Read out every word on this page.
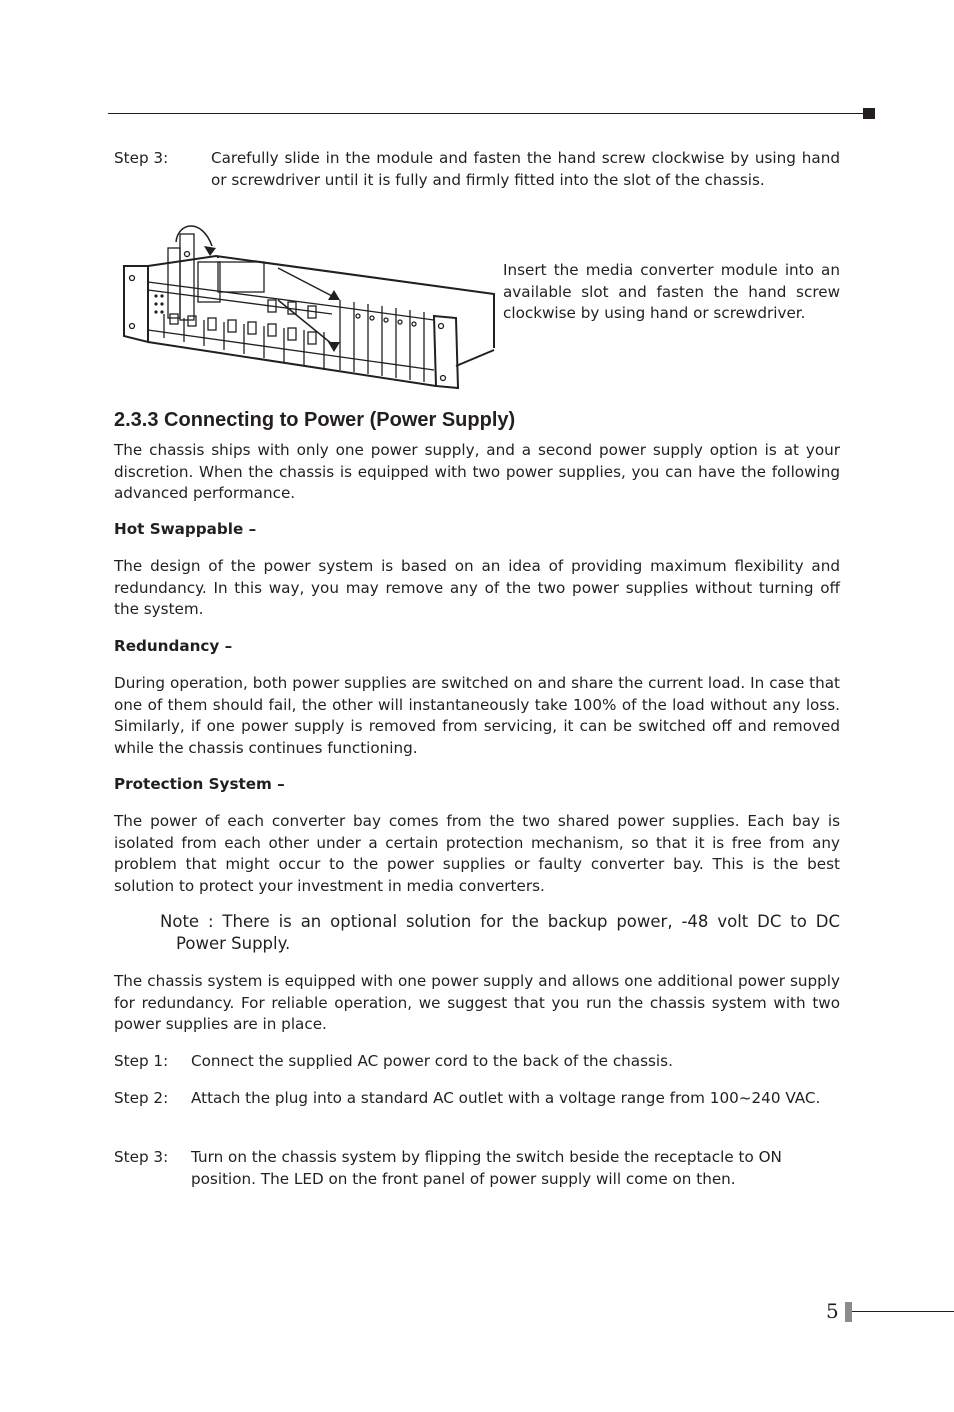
Step 3:	Carefully slide in the module and fasten the hand screw clockwise by using hand or screwdriver until it is fully and firmly fitted into the slot of the chassis.
Insert the media converter module into an available slot and fasten the hand screw clockwise by using hand or screwdriver.
2.3.3 Connecting to Power (Power Supply)

The chassis ships with only one power supply, and a second power supply option is at your discretion. When the chassis is equipped with two power supplies, you can have the following advanced performance.

Hot Swappable –

The design of the power system is based on an idea of providing maximum flexibility and redundancy. In this way, you may remove any of the two power supplies without turning off the system.

Redundancy –

During operation, both power supplies are switched on and share the current load. In case that one of them should fail, the other will instantaneously take 100% of the load without any loss. Similarly, if one power supply is removed from servicing, it can be switched off and removed while the chassis continues functioning.

Protection System –

The power of each converter bay comes from the two shared power supplies. Each bay is isolated from each other under a certain protection mechanism, so that it is free from any problem that might occur to the power supplies or faulty converter bay. This is the best solution to protect your investment in media converters.

Note : There is an optional solution for the backup power, -48 volt DC to DC
Power Supply.

The chassis system is equipped with one power supply and allows one additional power supply for redundancy. For reliable operation, we suggest that you run the chassis system with two power supplies are in place.

Step 1: Connect the supplied AC power cord to the back of the chassis.
Step 2: Attach the plug into a standard AC outlet with a voltage range from 100~240 VAC.
Step 3: Turn on the chassis system by flipping the switch beside the receptacle to ON position. The LED on the front panel of power supply will come on then.
5
